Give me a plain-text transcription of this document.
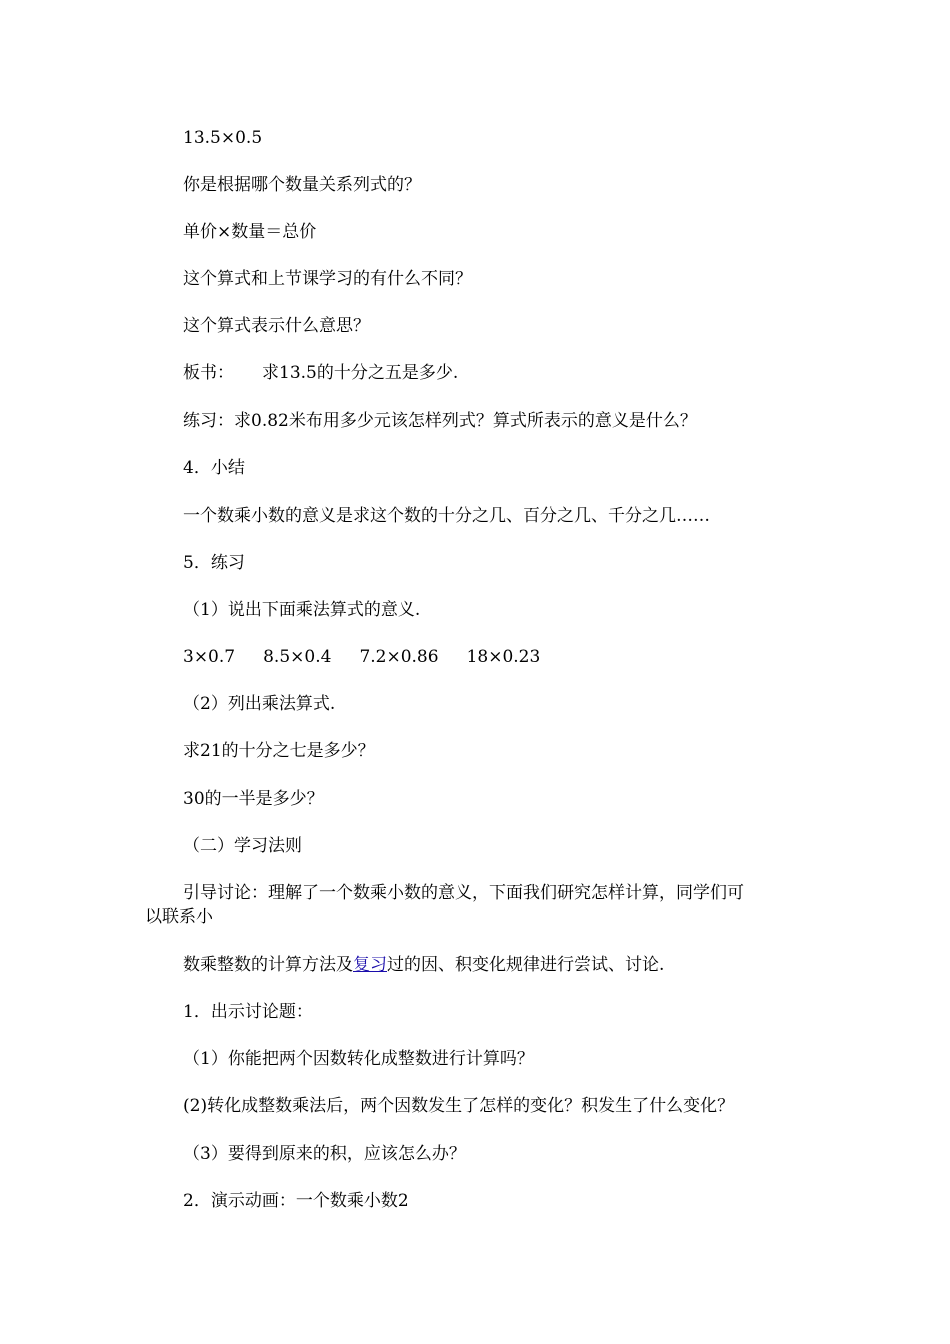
13.5×0.5

你是根据哪个数量关系列式的？

单价×数量＝总价

这个算式和上节课学习的有什么不同？

这个算式表示什么意思？

板书： 求13.5的十分之五是多少.

练习：求0.82米布用多少元该怎样列式？算式所表示的意义是什么？

4．小结

一个数乘小数的意义是求这个数的十分之几、百分之几、千分之几……

5．练习

（1）说出下面乘法算式的意义.

3×0.7 8.5×0.4 7.2×0.86 18×0.23

（2）列出乘法算式.

求21的十分之七是多少？

30的一半是多少？

（二）学习法则

引导讨论：理解了一个数乘小数的意义，下面我们研究怎样计算，同学们可

以联系小

数乘整数的计算方法及复习过的因、积变化规律进行尝试、讨论.

1．出示讨论题：

（1）你能把两个因数转化成整数进行计算吗？

(2)转化成整数乘法后，两个因数发生了怎样的变化？积发生了什么变化？

（3）要得到原来的积，应该怎么办？

2．演示动画：一个数乘小数2
